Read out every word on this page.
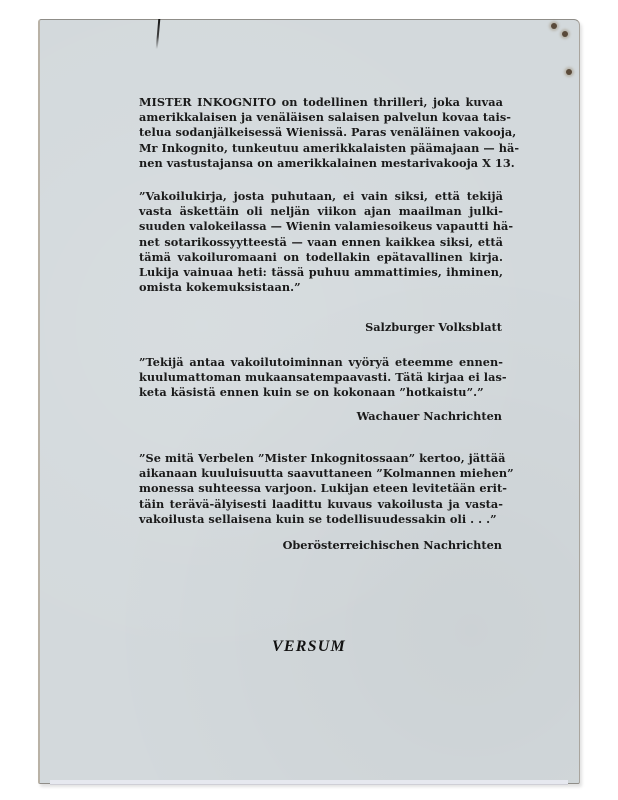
MISTER INKOGNITO on todellinen thrilleri, joka kuvaa
amerikkalaisen ja venäläisen salaisen palvelun kovaa tais-
telua sodanjälkeisessä Wienissä. Paras venäläinen vakooja,
Mr Inkognito, tunkeutuu amerikkalaisten päämajaan — hä-
nen vastustajansa on amerikkalainen mestarivakooja X 13.
”Vakoilukirja, josta puhutaan, ei vain siksi, että tekijä
vasta äskettäin oli neljän viikon ajan maailman julki-
suuden valokeilassa — Wienin valamiesoikeus vapautti hä-
net sotarikossyytteestä — vaan ennen kaikkea siksi, että
tämä vakoiluromaani on todellakin epätavallinen kirja.
Lukija vainuaa heti: tässä puhuu ammattimies, ihminen,
omista kokemuksistaan.”
Salzburger Volksblatt
”Tekijä antaa vakoilutoiminnan vyöryä eteemme ennen-
kuulumattoman mukaansatempaavasti. Tätä kirjaa ei las-
keta käsistä ennen kuin se on kokonaan ”hotkaistu”.”
Wachauer Nachrichten
”Se mitä Verbelen ”Mister Inkognitossaan” kertoo, jättää
aikanaan kuuluisuutta saavuttaneen ”Kolmannen miehen”
monessa suhteessa varjoon. Lukijan eteen levitetään erit-
täin terävä-älyisesti laadittu kuvaus vakoilusta ja vasta-
vakoilusta sellaisena kuin se todellisuudessakin oli . . .”
Oberösterreichischen Nachrichten
VERSUM
